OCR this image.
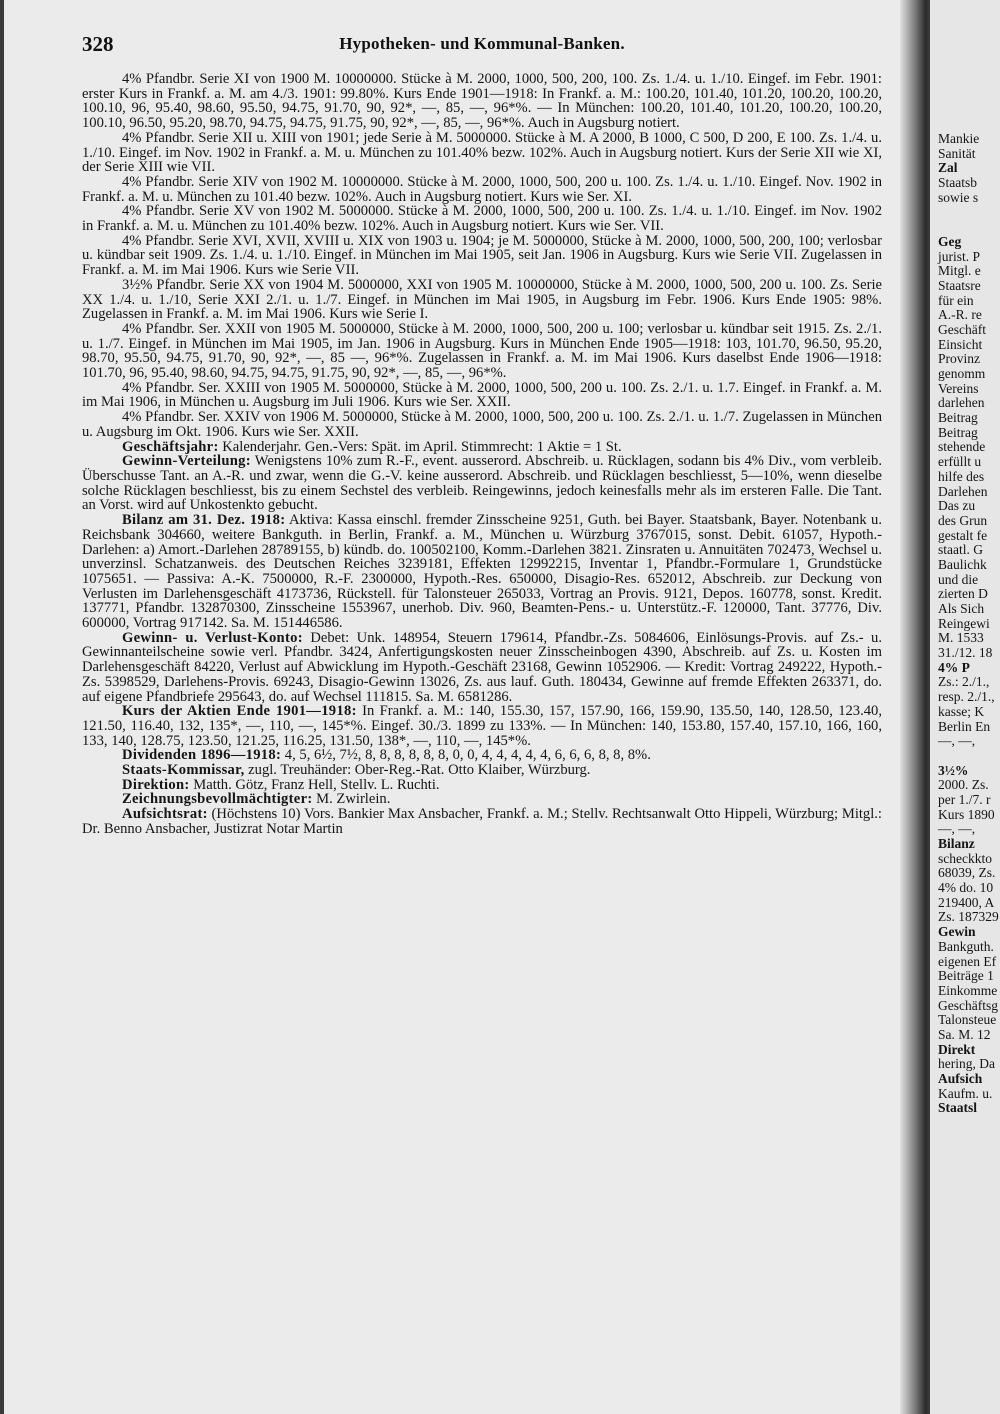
328	Hypotheken- und Kommunal-Banken.

4% Pfandbr. Serie XI von 1900 M. 10000000. Stücke à M. 2000, 1000, 500, 200, 100. Zs. 1./4. u. 1./10. Eingef. im Febr. 1901: erster Kurs in Frankf. a. M. am 4./3. 1901: 99.80%. Kurs Ende 1901—1918: In Frankf. a. M.: 100.20, 101.40, 101.20, 100.20, 100.20, 100.10, 96, 95.40, 98.60, 95.50, 94.75, 91.70, 90, 92*, —, 85, —, 96*%. — In München: 100.20, 101.40, 101.20, 100.20, 100.20, 100.10, 96.50, 95.20, 98.70, 94.75, 94.75, 91.75, 90, 92*, —, 85, —, 96*%. Auch in Augsburg notiert.

4% Pfandbr. Serie XII u. XIII von 1901; jede Serie à M. 5000000. Stücke à M. A 2000, B 1000, C 500, D 200, E 100. Zs. 1./4. u. 1./10. Eingef. im Nov. 1902 in Frankf. a. M. u. München zu 101.40% bezw. 102%. Auch in Augsburg notiert. Kurs der Serie XII wie XI, der Serie XIII wie VII.

4% Pfandbr. Serie XIV von 1902 M. 10000000. Stücke à M. 2000, 1000, 500, 200 u. 100. Zs. 1./4. u. 1./10. Eingef. Nov. 1902 in Frankf. a. M. u. München zu 101.40 bezw. 102%. Auch in Augsburg notiert. Kurs wie Ser. XI.

4% Pfandbr. Serie XV von 1902 M. 5000000. Stücke à M. 2000, 1000, 500, 200 u. 100. Zs. 1./4. u. 1./10. Eingef. im Nov. 1902 in Frankf. a. M. u. München zu 101.40% bezw. 102%. Auch in Augsburg notiert. Kurs wie Ser. VII.

4% Pfandbr. Serie XVI, XVII, XVIII u. XIX von 1903 u. 1904; je M. 5000000, Stücke à M. 2000, 1000, 500, 200, 100; verlosbar u. kündbar seit 1909. Zs. 1./4. u. 1./10. Eingef. in München im Mai 1905, seit Jan. 1906 in Augsburg. Kurs wie Serie VII. Zugelassen in Frankf. a. M. im Mai 1906. Kurs wie Serie VII.

3½% Pfandbr. Serie XX von 1904 M. 5000000, XXI von 1905 M. 10000000, Stücke à M. 2000, 1000, 500, 200 u. 100. Zs. Serie XX 1./4. u. 1./10, Serie XXI 2./1. u. 1./7. Eingef. in München im Mai 1905, in Augsburg im Febr. 1906. Kurs Ende 1905: 98%. Zugelassen in Frankf. a. M. im Mai 1906. Kurs wie Serie I.

4% Pfandbr. Ser. XXII von 1905 M. 5000000, Stücke à M. 2000, 1000, 500, 200 u. 100; verlosbar u. kündbar seit 1915. Zs. 2./1. u. 1./7. Eingef. in München im Mai 1905, im Jan. 1906 in Augsburg. Kurs in München Ende 1905—1918: 103, 101.70, 96.50, 95.20, 98.70, 95.50, 94.75, 91.70, 90, 92*, —, 85 —, 96*%. Zugelassen in Frankf. a. M. im Mai 1906. Kurs daselbst Ende 1906—1918: 101.70, 96, 95.40, 98.60, 94.75, 94.75, 91.75, 90, 92*, —, 85, —, 96*%.

4% Pfandbr. Ser. XXIII von 1905 M. 5000000, Stücke à M. 2000, 1000, 500, 200 u. 100. Zs. 2./1. u. 1.7. Eingef. in Frankf. a. M. im Mai 1906, in München u. Augsburg im Juli 1906. Kurs wie Ser. XXII.

4% Pfandbr. Ser. XXIV von 1906 M. 5000000, Stücke à M. 2000, 1000, 500, 200 u. 100. Zs. 2./1. u. 1./7. Zugelassen in München u. Augsburg im Okt. 1906. Kurs wie Ser. XXII.

Geschäftsjahr: Kalenderjahr. Gen.-Vers: Spät. im April. Stimmrecht: 1 Aktie = 1 St.

Gewinn-Verteilung: Wenigstens 10% zum R.-F., event. ausserord. Abschreib. u. Rücklagen, sodann bis 4% Div., vom verbleib. Überschusse Tant. an A.-R. und zwar, wenn die G.-V. keine ausserord. Abschreib. und Rücklagen beschliesst, 5—10%, wenn dieselbe solche Rücklagen beschliesst, bis zu einem Sechstel des verbleib. Reingewinns, jedoch keinesfalls mehr als im ersteren Falle. Die Tant. an Vorst. wird auf Unkostenkto gebucht.

Bilanz am 31. Dez. 1918: Aktiva: Kassa einschl. fremder Zinsscheine 9251, Guth. bei Bayer. Staatsbank, Bayer. Notenbank u. Reichsbank 304660, weitere Bankguth. in Berlin, Frankf. a. M., München u. Würzburg 3767015, sonst. Debit. 61057, Hypoth.-Darlehen: a) Amort.-Darlehen 28789155, b) kündb. do. 100502100, Komm.-Darlehen 3821. Zinsraten u. Annuitäten 702473, Wechsel u. unverzinsl. Schatzanweis. des Deutschen Reiches 3239181, Effekten 12992215, Inventar 1, Pfandbr.-Formulare 1, Grundstücke 1075651. — Passiva: A.-K. 7500000, R.-F. 2300000, Hypoth.-Res. 650000, Disagio-Res. 652012, Abschreib. zur Deckung von Verlusten im Darlehensgeschäft 4173736, Rückstell. für Talonsteuer 265033, Vortrag an Provis. 9121, Depos. 160778, sonst. Kredit. 137771, Pfandbr. 132870300, Zinsscheine 1553967, unerhob. Div. 960, Beamten-Pens.- u. Unterstütz.-F. 120000, Tant. 37776, Div. 600000, Vortrag 917142. Sa. M. 151446586.

Gewinn- u. Verlust-Konto: Debet: Unk. 148954, Steuern 179614, Pfandbr.-Zs. 5084606, Einlösungs-Provis. auf Zs.- u. Gewinnanteilscheine sowie verl. Pfandbr. 3424, Anfertigungskosten neuer Zinsscheinbogen 4390, Abschreib. auf Zs. u. Kosten im Darlehensgeschäft 84220, Verlust auf Abwicklung im Hypoth.-Geschäft 23168, Gewinn 1052906. — Kredit: Vortrag 249222, Hypoth.-Zs. 5398529, Darlehens-Provis. 69243, Disagio-Gewinn 13026, Zs. aus lauf. Guth. 180434, Gewinne auf fremde Effekten 263371, do. auf eigene Pfandbriefe 295643, do. auf Wechsel 111815. Sa. M. 6581286.

Kurs der Aktien Ende 1901—1918: In Frankf. a. M.: 140, 155.30, 157, 157.90, 166, 159.90, 135.50, 140, 128.50, 123.40, 121.50, 116.40, 132, 135*, —, 110, —, 145*%. Eingef. 30./3. 1899 zu 133%. — In München: 140, 153.80, 157.40, 157.10, 166, 160, 133, 140, 128.75, 123.50, 121.25, 116.25, 131.50, 138*, —, 110, —, 145*%.

Dividenden 1896—1918: 4, 5, 6½, 7½, 8, 8, 8, 8, 8, 8, 0, 0, 4, 4, 4, 4, 4, 6, 6, 6, 8, 8, 8%.

Staats-Kommissar, zugl. Treuhänder: Ober-Reg.-Rat. Otto Klaiber, Würzburg.

Direktion: Matth. Götz, Franz Hell, Stellv. L. Ruchti.

Zeichnungsbevollmächtigter: M. Zwirlein.

Aufsichtsrat: (Höchstens 10) Vors. Bankier Max Ansbacher, Frankf. a. M.; Stellv. Rechtsanwalt Otto Hippeli, Würzburg; Mitgl.: Dr. Benno Ansbacher, Justizrat Notar Martin

Mankie
Sanität
Zal
Staatsb
sowie s
Geg
jurist. P
Mitgl. e
Staatsre
für ein
A.-R. re
Geschäft
Einsicht
Provinz
genomm
Vereins
darlehen
Beitrag
Beitrag
stehende
erfüllt u
hilfe des
Darlehen
Das zu
des Grun
gestalt fe
staatl. G
Baulichk
und die
zierten D
Als Sich
Reingewi
M. 1533
31./12. 18
4% P
Zs.: 2./1.,
resp. 2./1.,
kasse; K
Berlin En
—, —,
3½%
2000. Zs.
per 1./7. r
Kurs 1890
—, —,
Bilanz
scheckkto
68039, Zs.
4% do. 10
219400, A
Zs. 187329
Gewin
Bankguth.
eigenen Ef
Beiträge 1
Einkomme
Geschäftsg
Talonsteue
Sa. M. 12
Direkt
hering, Da
Aufsich
Kaufm. u.
Staatsl
